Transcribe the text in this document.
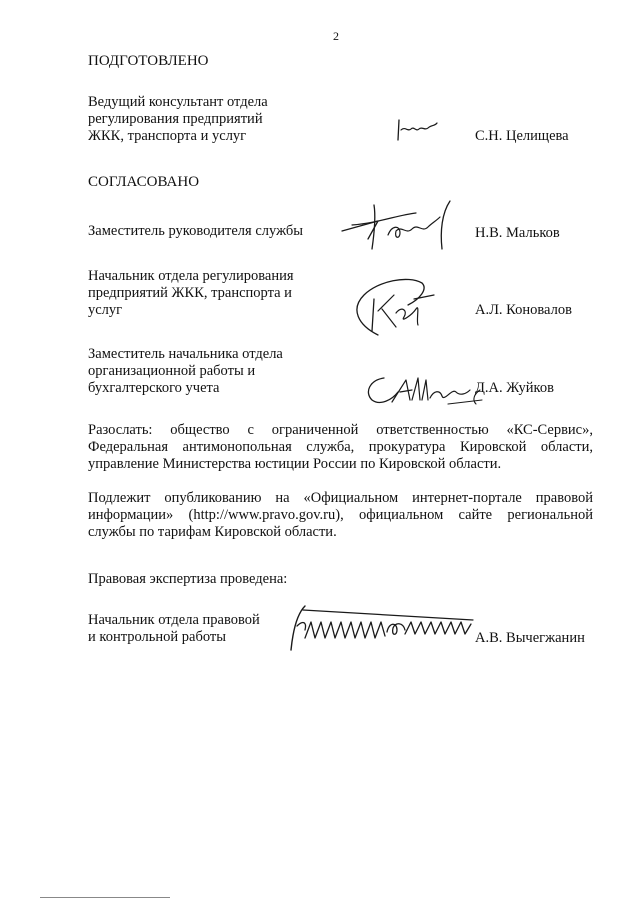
2
ПОДГОТОВЛЕНО
Ведущий консультант отдела
регулирования предприятий
ЖКК, транспорта и услуг	С.Н. Целищева
СОГЛАСОВАНО
Заместитель руководителя службы	Н.В. Мальков
Начальник отдела регулирования
предприятий ЖКК, транспорта и
услуг	А.Л. Коновалов
Заместитель начальника отдела
организационной работы и
бухгалтерского учета	Д.А. Жуйков
Разослать: общество с ограниченной ответственностью «КС-Сервис»,
Федеральная антимонопольная служба, прокуратура Кировской области,
управление Министерства юстиции России по Кировской области.
Подлежит опубликованию на «Официальном интернет-портале правовой
информации» (http://www.pravo.gov.ru), официальном сайте региональной
службы по тарифам Кировской области.
Правовая экспертиза проведена:
Начальник отдела правовой
и контрольной работы	А.В. Вычегжанин
